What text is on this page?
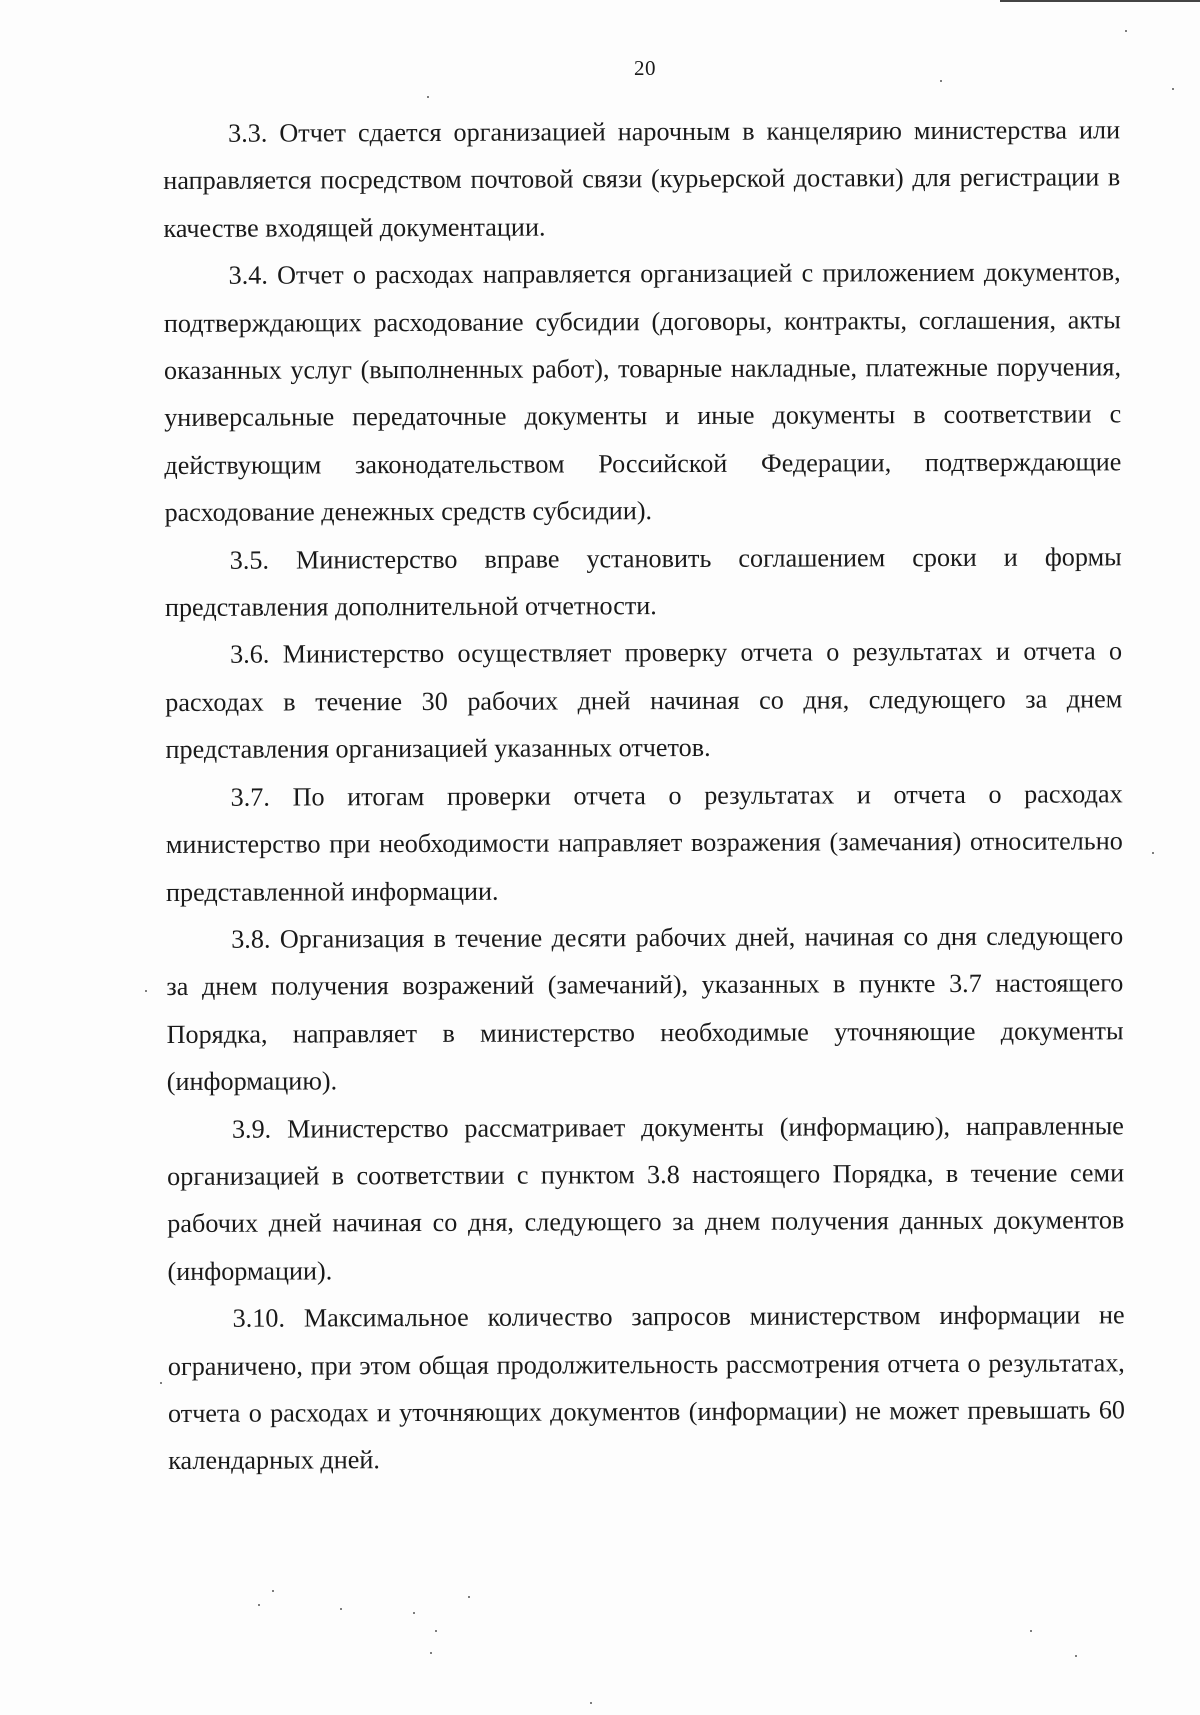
20

3.3. Отчет сдается организацией нарочным в канцелярию министерства или направляется посредством почтовой связи (курьерской доставки) для регистрации в качестве входящей документации.

3.4. Отчет о расходах направляется организацией с приложением документов, подтверждающих расходование субсидии (договоры, контракты, соглашения, акты оказанных услуг (выполненных работ), товарные накладные, платежные поручения, универсальные передаточные документы и иные документы в соответствии с действующим законодательством Российской Федерации, подтверждающие расходование денежных средств субсидии).

3.5. Министерство вправе установить соглашением сроки и формы представления дополнительной отчетности.

3.6. Министерство осуществляет проверку отчета о результатах и отчета о расходах в течение 30 рабочих дней начиная со дня, следующего за днем представления организацией указанных отчетов.

3.7. По итогам проверки отчета о результатах и отчета о расходах министерство при необходимости направляет возражения (замечания) относительно представленной информации.

3.8. Организация в течение десяти рабочих дней, начиная со дня следующего за днем получения возражений (замечаний), указанных в пункте 3.7 настоящего Порядка, направляет в министерство необходимые уточняющие документы (информацию).

3.9. Министерство рассматривает документы (информацию), направленные организацией в соответствии с пунктом 3.8 настоящего Порядка, в течение семи рабочих дней начиная со дня, следующего за днем получения данных документов (информации).

3.10. Максимальное количество запросов министерством информации не ограничено, при этом общая продолжительность рассмотрения отчета о результатах, отчета о расходах и уточняющих документов (информации) не может превышать 60 календарных дней.
